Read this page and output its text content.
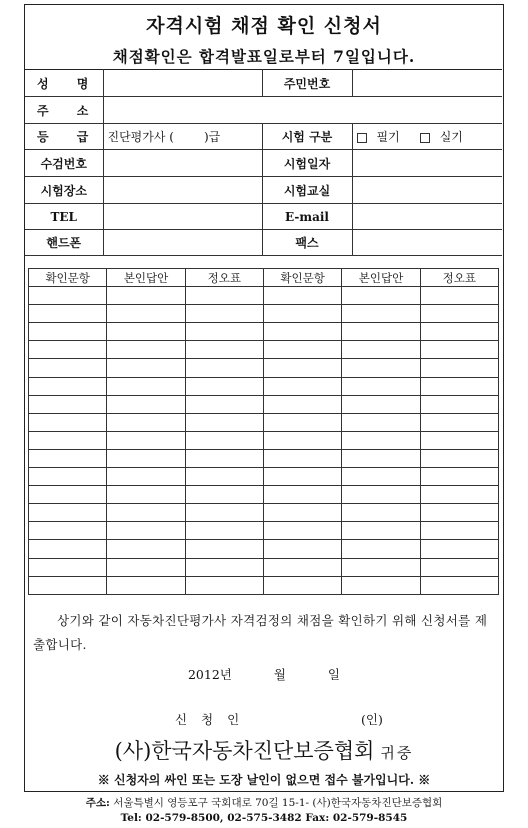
자격시험 채점 확인 신청서
채점확인은 합격발표일로부터 7일입니다.
성 명		주민번호	
주 소			
등 급	진단평가사 ( )급	시험 구분	필기 실기
수검번호		시험일자	
시험장소		시험교실	
TEL		E-mail	
핸드폰		팩스	
확인문항	본인답안	정오표	확인문항	본인답안	정오표

상기와 같이 자동차진단평가사 자격검정의 채점을 확인하기 위해 신청서를 제출합니다.
2012년	월	일
신 청 인	(인)
(사)한국자동차진단보증협회 귀중
※ 신청자의 싸인 또는 도장 날인이 없으면 접수 불가입니다. ※
주소: 서울특별시 영등포구 국회대로 70길 15-1- (사)한국자동차진단보증협회
Tel: 02-579-8500, 02-575-3482 Fax: 02-579-8545
